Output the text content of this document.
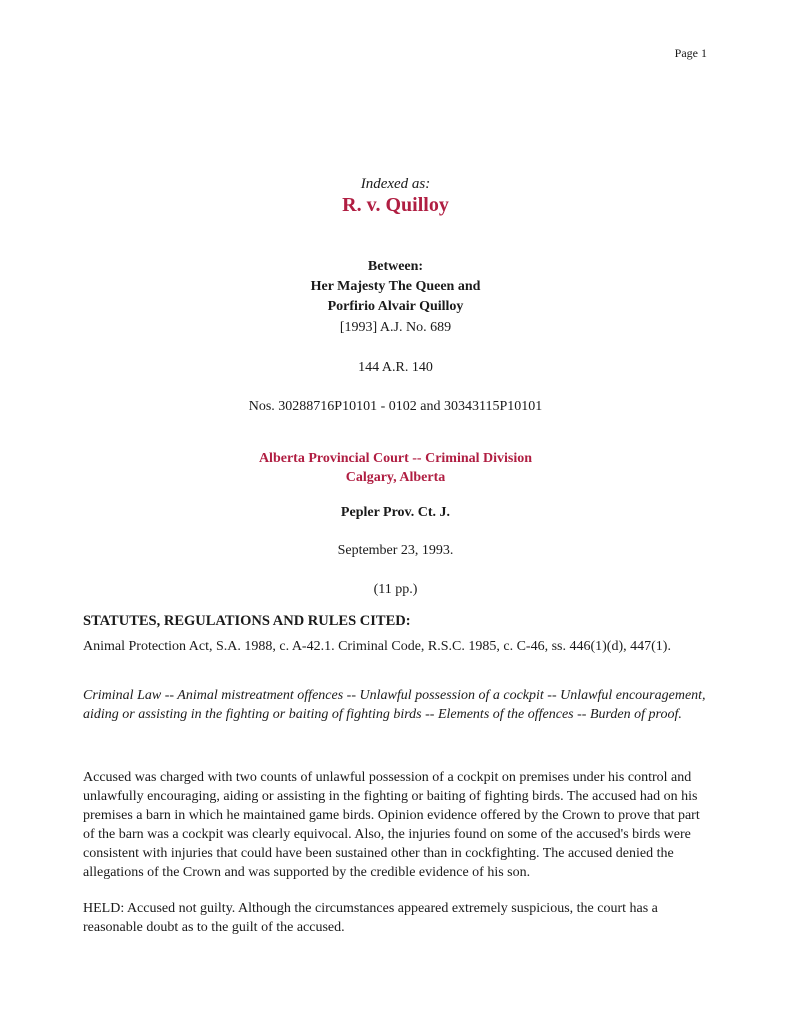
Page 1
Indexed as:
R. v. Quilloy
Between:
Her Majesty The Queen and
Porfirio Alvair Quilloy
[1993] A.J. No. 689
144 A.R. 140
Nos. 30288716P10101 - 0102 and 30343115P10101
Alberta Provincial Court -- Criminal Division
Calgary, Alberta
Pepler Prov. Ct. J.
September 23, 1993.
(11 pp.)
STATUTES, REGULATIONS AND RULES CITED:
Animal Protection Act, S.A. 1988, c. A-42.1. Criminal Code, R.S.C. 1985, c. C-46, ss. 446(1)(d), 447(1).
Criminal Law -- Animal mistreatment offences -- Unlawful possession of a cockpit -- Unlawful encouragement, aiding or assisting in the fighting or baiting of fighting birds -- Elements of the offences -- Burden of proof.
Accused was charged with two counts of unlawful possession of a cockpit on premises under his control and unlawfully encouraging, aiding or assisting in the fighting or baiting of fighting birds. The accused had on his premises a barn in which he maintained game birds. Opinion evidence offered by the Crown to prove that part of the barn was a cockpit was clearly equivocal. Also, the injuries found on some of the accused's birds were consistent with injuries that could have been sustained other than in cockfighting. The accused denied the allegations of the Crown and was supported by the credible evidence of his son.
HELD: Accused not guilty. Although the circumstances appeared extremely suspicious, the court has a reasonable doubt as to the guilt of the accused.
